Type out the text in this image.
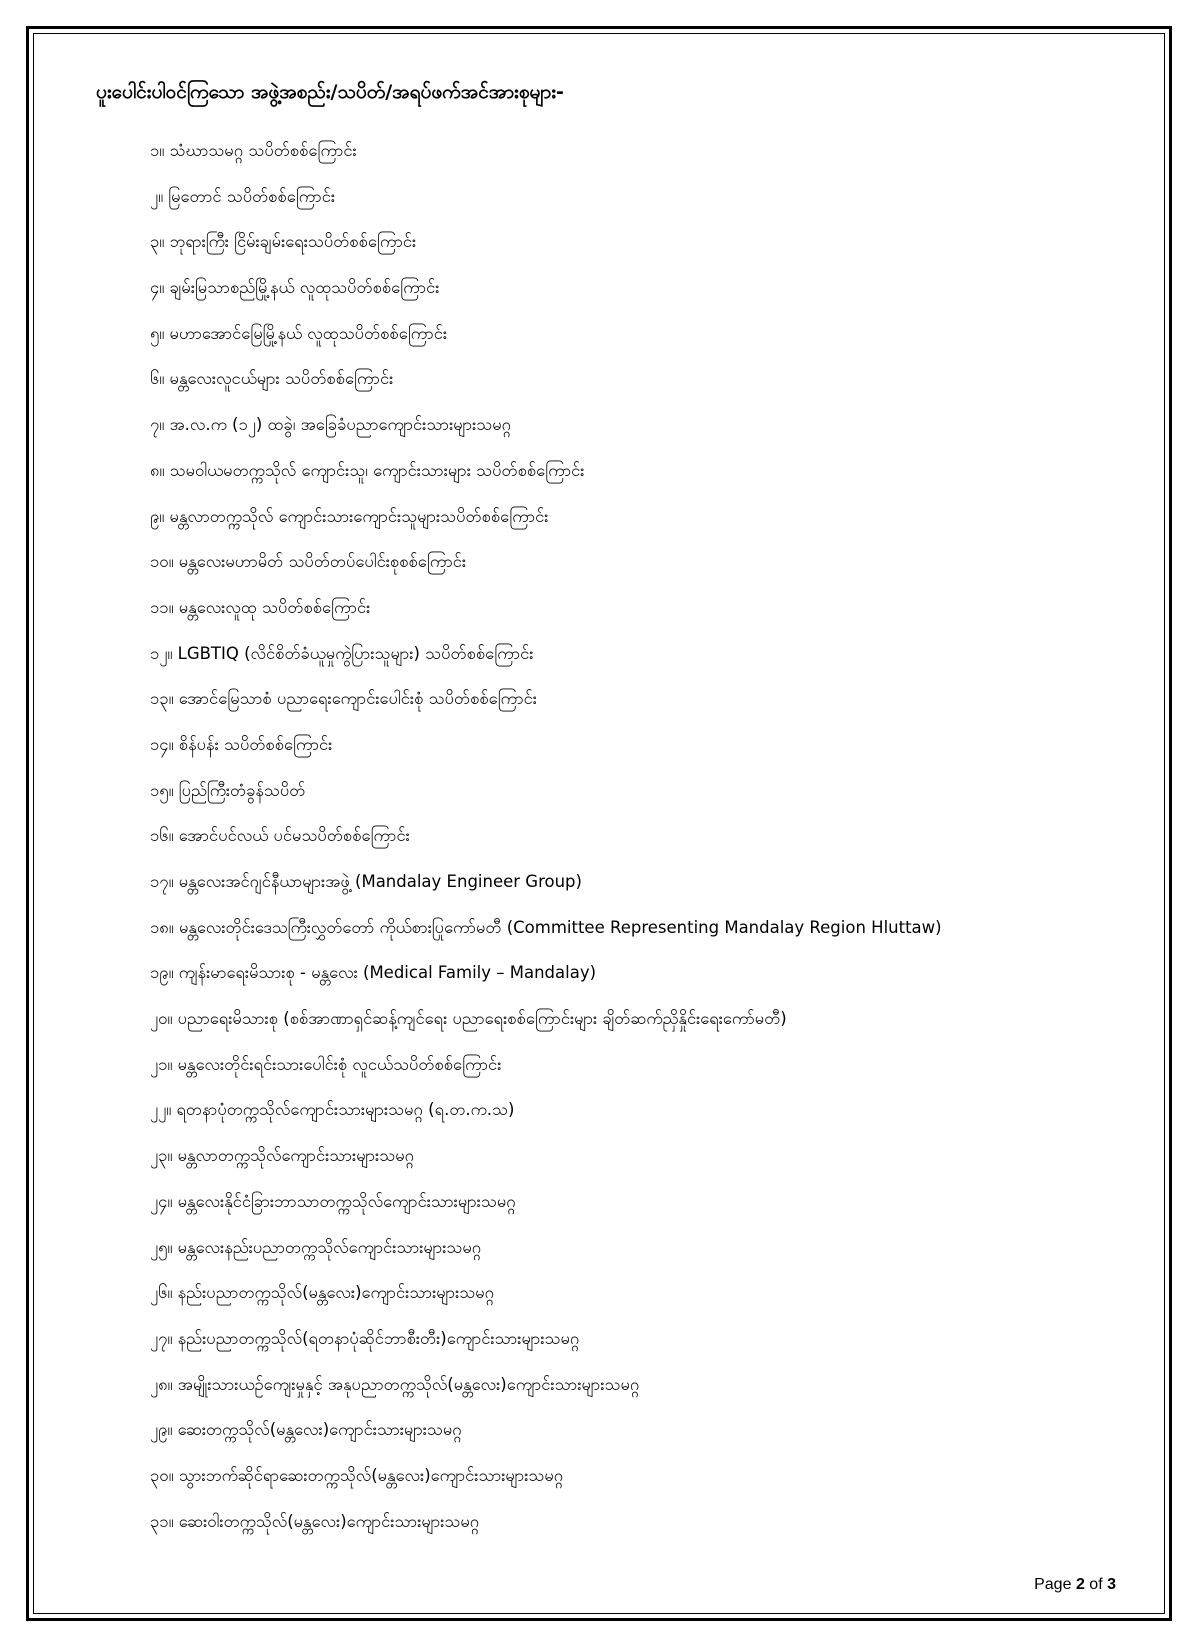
ပူးပေါင်းပါဝင်ကြသော အဖွဲ့အစည်း/သပိတ်/အရပ်ဖက်အင်အားစုများ-
၁။ သံဃာသမဂ္ဂ သပိတ်စစ်ကြောင်း
၂။ မြတောင် သပိတ်စစ်ကြောင်း
၃။ ဘုရားကြီး ငြိမ်းချမ်းရေးသပိတ်စစ်ကြောင်း
၄။ ချမ်းမြသာစည်မြို့နယ် လူထုသပိတ်စစ်ကြောင်း
၅။ မဟာအောင်မြေမြို့နယ် လူထုသပိတ်စစ်ကြောင်း
၆။ မန္တလေးလူငယ်များ သပိတ်စစ်ကြောင်း
၇။ အ.လ.က (၁၂) ထခွဲ၊ အခြေခံပညာကျောင်းသားများသမဂ္ဂ
၈။ သမဝါယမတက္ကသိုလ် ကျောင်းသူ၊ ကျောင်းသားများ သပိတ်စစ်ကြောင်း
၉။ မန္တလာတက္ကသိုလ် ကျောင်းသားကျောင်းသူများသပိတ်စစ်ကြောင်း
၁၀။ မန္တလေးမဟာမိတ် သပိတ်တပ်ပေါင်းစုစစ်ကြောင်း
၁၁။ မန္တလေးလူထု သပိတ်စစ်ကြောင်း
၁၂။ LGBTIQ (လိင်စိတ်ခံယူမှုကွဲပြားသူများ) သပိတ်စစ်ကြောင်း
၁၃။ အောင်မြေသာစံ ပညာရေးကျောင်းပေါင်းစုံ သပိတ်စစ်ကြောင်း
၁၄။ စိန်ပန်း သပိတ်စစ်ကြောင်း
၁၅။ ပြည်ကြီးတံခွန်သပိတ်
၁၆။ အောင်ပင်လယ် ပင်မသပိတ်စစ်ကြောင်း
၁၇။ မန္တလေးအင်ဂျင်နီယာများအဖွဲ့ (Mandalay Engineer Group)
၁၈။ မန္တလေးတိုင်းဒေသကြီးလွှတ်တော် ကိုယ်စားပြုကော်မတီ (Committee Representing Mandalay Region Hluttaw)
၁၉။ ကျန်းမာရေးမိသားစု - မန္တလေး (Medical Family – Mandalay)
၂၀။ ပညာရေးမိသားစု (စစ်အာဏာရှင်ဆန့်ကျင်ရေး ပညာရေးစစ်ကြောင်းများ ချိတ်ဆက်ညှိနှိုင်းရေးကော်မတီ)
၂၁။ မန္တလေးတိုင်းရင်းသားပေါင်းစုံ လူငယ်သပိတ်စစ်ကြောင်း
၂၂။ ရတနာပုံတက္ကသိုလ်ကျောင်းသားများသမဂ္ဂ (ရ.တ.က.သ)
၂၃။ မန္တလာတက္ကသိုလ်ကျောင်းသားများသမဂ္ဂ
၂၄။ မန္တလေးနိုင်ငံခြားဘာသာတက္ကသိုလ်ကျောင်းသားများသမဂ္ဂ
၂၅။ မန္တလေးနည်းပညာတက္ကသိုလ်ကျောင်းသားများသမဂ္ဂ
၂၆။ နည်းပညာတက္ကသိုလ်(မန္တလေး)ကျောင်းသားများသမဂ္ဂ
၂၇။ နည်းပညာတက္ကသိုလ်(ရတနာပုံဆိုင်ဘာစီးတီး)ကျောင်းသားများသမဂ္ဂ
၂၈။ အမျိုးသားယဉ်ကျေးမှုနှင့် အနုပညာတက္ကသိုလ်(မန္တလေး)ကျောင်းသားများသမဂ္ဂ
၂၉။ ဆေးတက္ကသိုလ်(မန္တလေး)ကျောင်းသားများသမဂ္ဂ
၃၀။ သွားဘက်ဆိုင်ရာဆေးတက္ကသိုလ်(မန္တလေး)ကျောင်းသားများသမဂ္ဂ
၃၁။ ဆေးဝါးတက္ကသိုလ်(မန္တလေး)ကျောင်းသားများသမဂ္ဂ
Page 2 of 3
